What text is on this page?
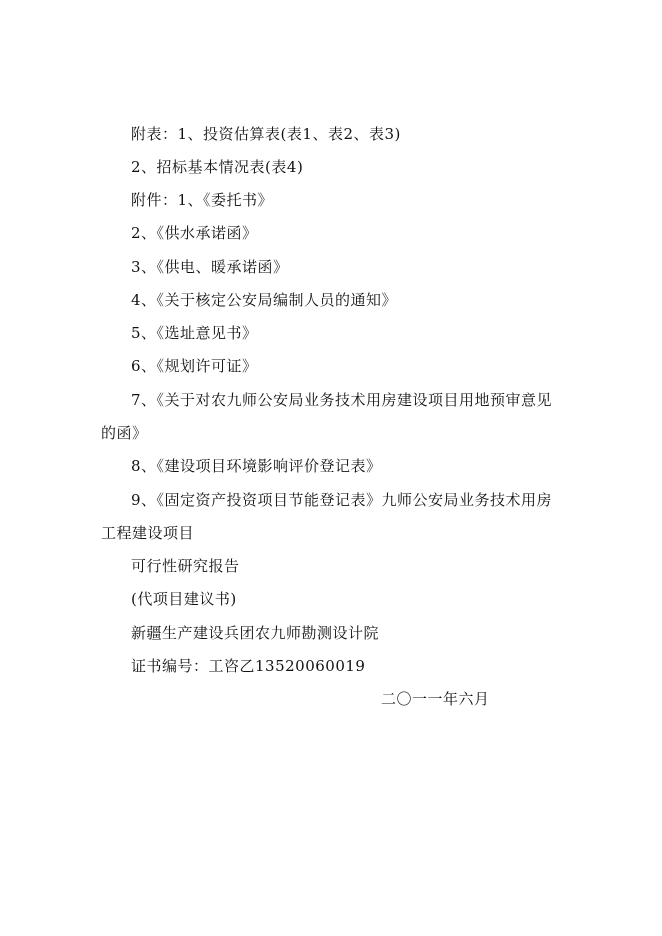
附表：1、投资估算表(表1、表2、表3)
2、招标基本情况表(表4)
附件：1、《委托书》
2、《供水承诺函》
3、《供电、暖承诺函》
4、《关于核定公安局编制人员的通知》
5、《选址意见书》
6、《规划许可证》
7、《关于对农九师公安局业务技术用房建设项目用地预审意见
的函》
8、《建设项目环境影响评价登记表》
9、《固定资产投资项目节能登记表》九师公安局业务技术用房
工程建设项目
可行性研究报告
(代项目建议书)
新疆生产建设兵团农九师勘测设计院
证书编号：工咨乙13520060019
二〇一一年六月
